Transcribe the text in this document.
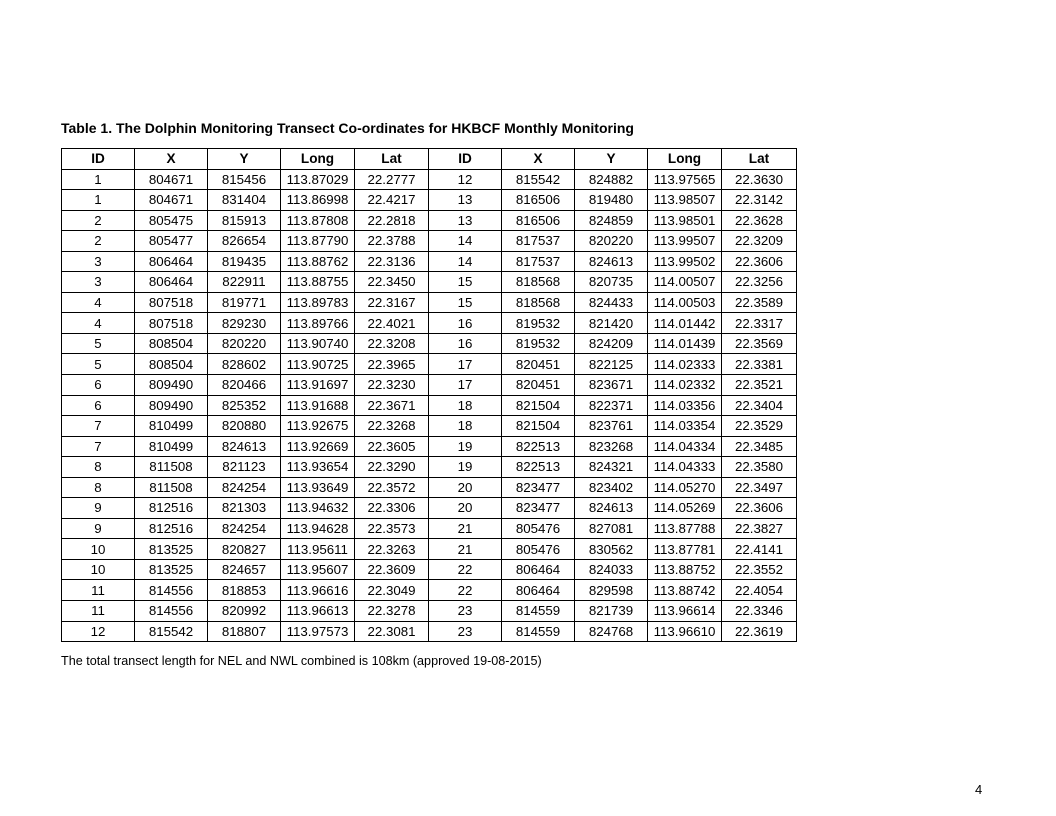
Table 1. The Dolphin Monitoring Transect Co-ordinates for HKBCF Monthly Monitoring
ID	X	Y	Long	Lat	ID	X	Y	Long	Lat
1	804671	815456	113.87029	22.2777	12	815542	824882	113.97565	22.3630
1	804671	831404	113.86998	22.4217	13	816506	819480	113.98507	22.3142
2	805475	815913	113.87808	22.2818	13	816506	824859	113.98501	22.3628
2	805477	826654	113.87790	22.3788	14	817537	820220	113.99507	22.3209
3	806464	819435	113.88762	22.3136	14	817537	824613	113.99502	22.3606
3	806464	822911	113.88755	22.3450	15	818568	820735	114.00507	22.3256
4	807518	819771	113.89783	22.3167	15	818568	824433	114.00503	22.3589
4	807518	829230	113.89766	22.4021	16	819532	821420	114.01442	22.3317
5	808504	820220	113.90740	22.3208	16	819532	824209	114.01439	22.3569
5	808504	828602	113.90725	22.3965	17	820451	822125	114.02333	22.3381
6	809490	820466	113.91697	22.3230	17	820451	823671	114.02332	22.3521
6	809490	825352	113.91688	22.3671	18	821504	822371	114.03356	22.3404
7	810499	820880	113.92675	22.3268	18	821504	823761	114.03354	22.3529
7	810499	824613	113.92669	22.3605	19	822513	823268	114.04334	22.3485
8	811508	821123	113.93654	22.3290	19	822513	824321	114.04333	22.3580
8	811508	824254	113.93649	22.3572	20	823477	823402	114.05270	22.3497
9	812516	821303	113.94632	22.3306	20	823477	824613	114.05269	22.3606
9	812516	824254	113.94628	22.3573	21	805476	827081	113.87788	22.3827
10	813525	820827	113.95611	22.3263	21	805476	830562	113.87781	22.4141
10	813525	824657	113.95607	22.3609	22	806464	824033	113.88752	22.3552
11	814556	818853	113.96616	22.3049	22	806464	829598	113.88742	22.4054
11	814556	820992	113.96613	22.3278	23	814559	821739	113.96614	22.3346
12	815542	818807	113.97573	22.3081	23	814559	824768	113.96610	22.3619
The total transect length for NEL and NWL combined is 108km (approved 19-08-2015)
4
